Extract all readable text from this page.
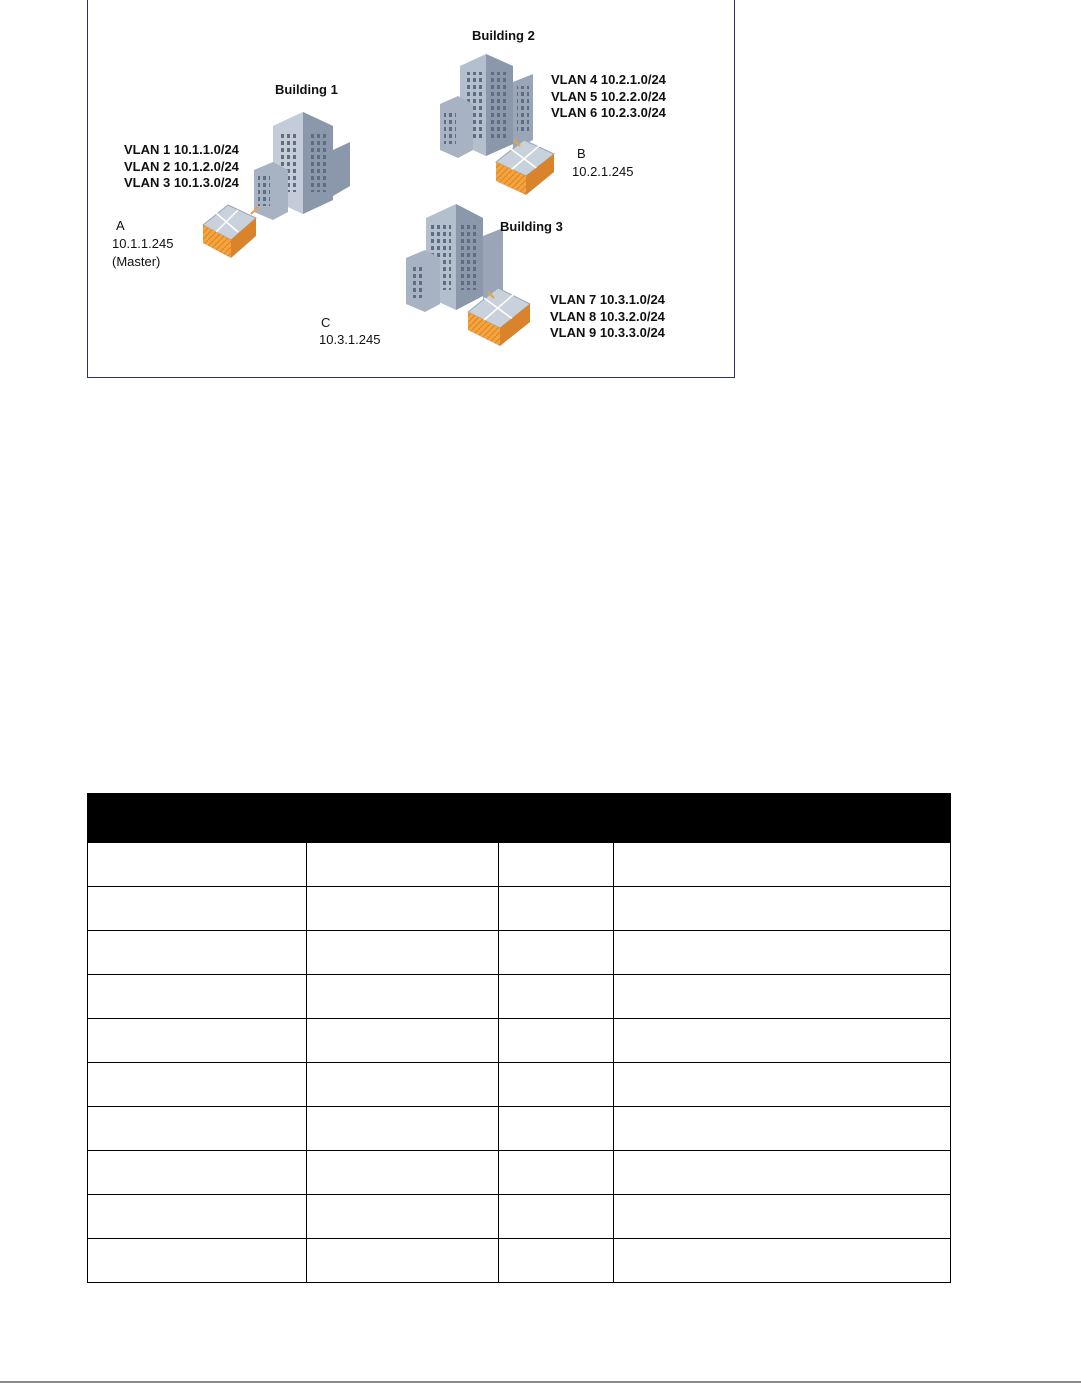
Building 1
VLAN 1 10.1.1.0/24
VLAN 2 10.1.2.0/24
VLAN 3 10.1.3.0/24
A
10.1.1.245
(Master)
Building 2
VLAN 4 10.2.1.0/24
VLAN 5 10.2.2.0/24
VLAN 6 10.2.3.0/24
B
10.2.1.245
Building 3
VLAN 7 10.3.1.0/24
VLAN 8 10.3.2.0/24
VLAN 9 10.3.3.0/24
C
10.3.1.245
